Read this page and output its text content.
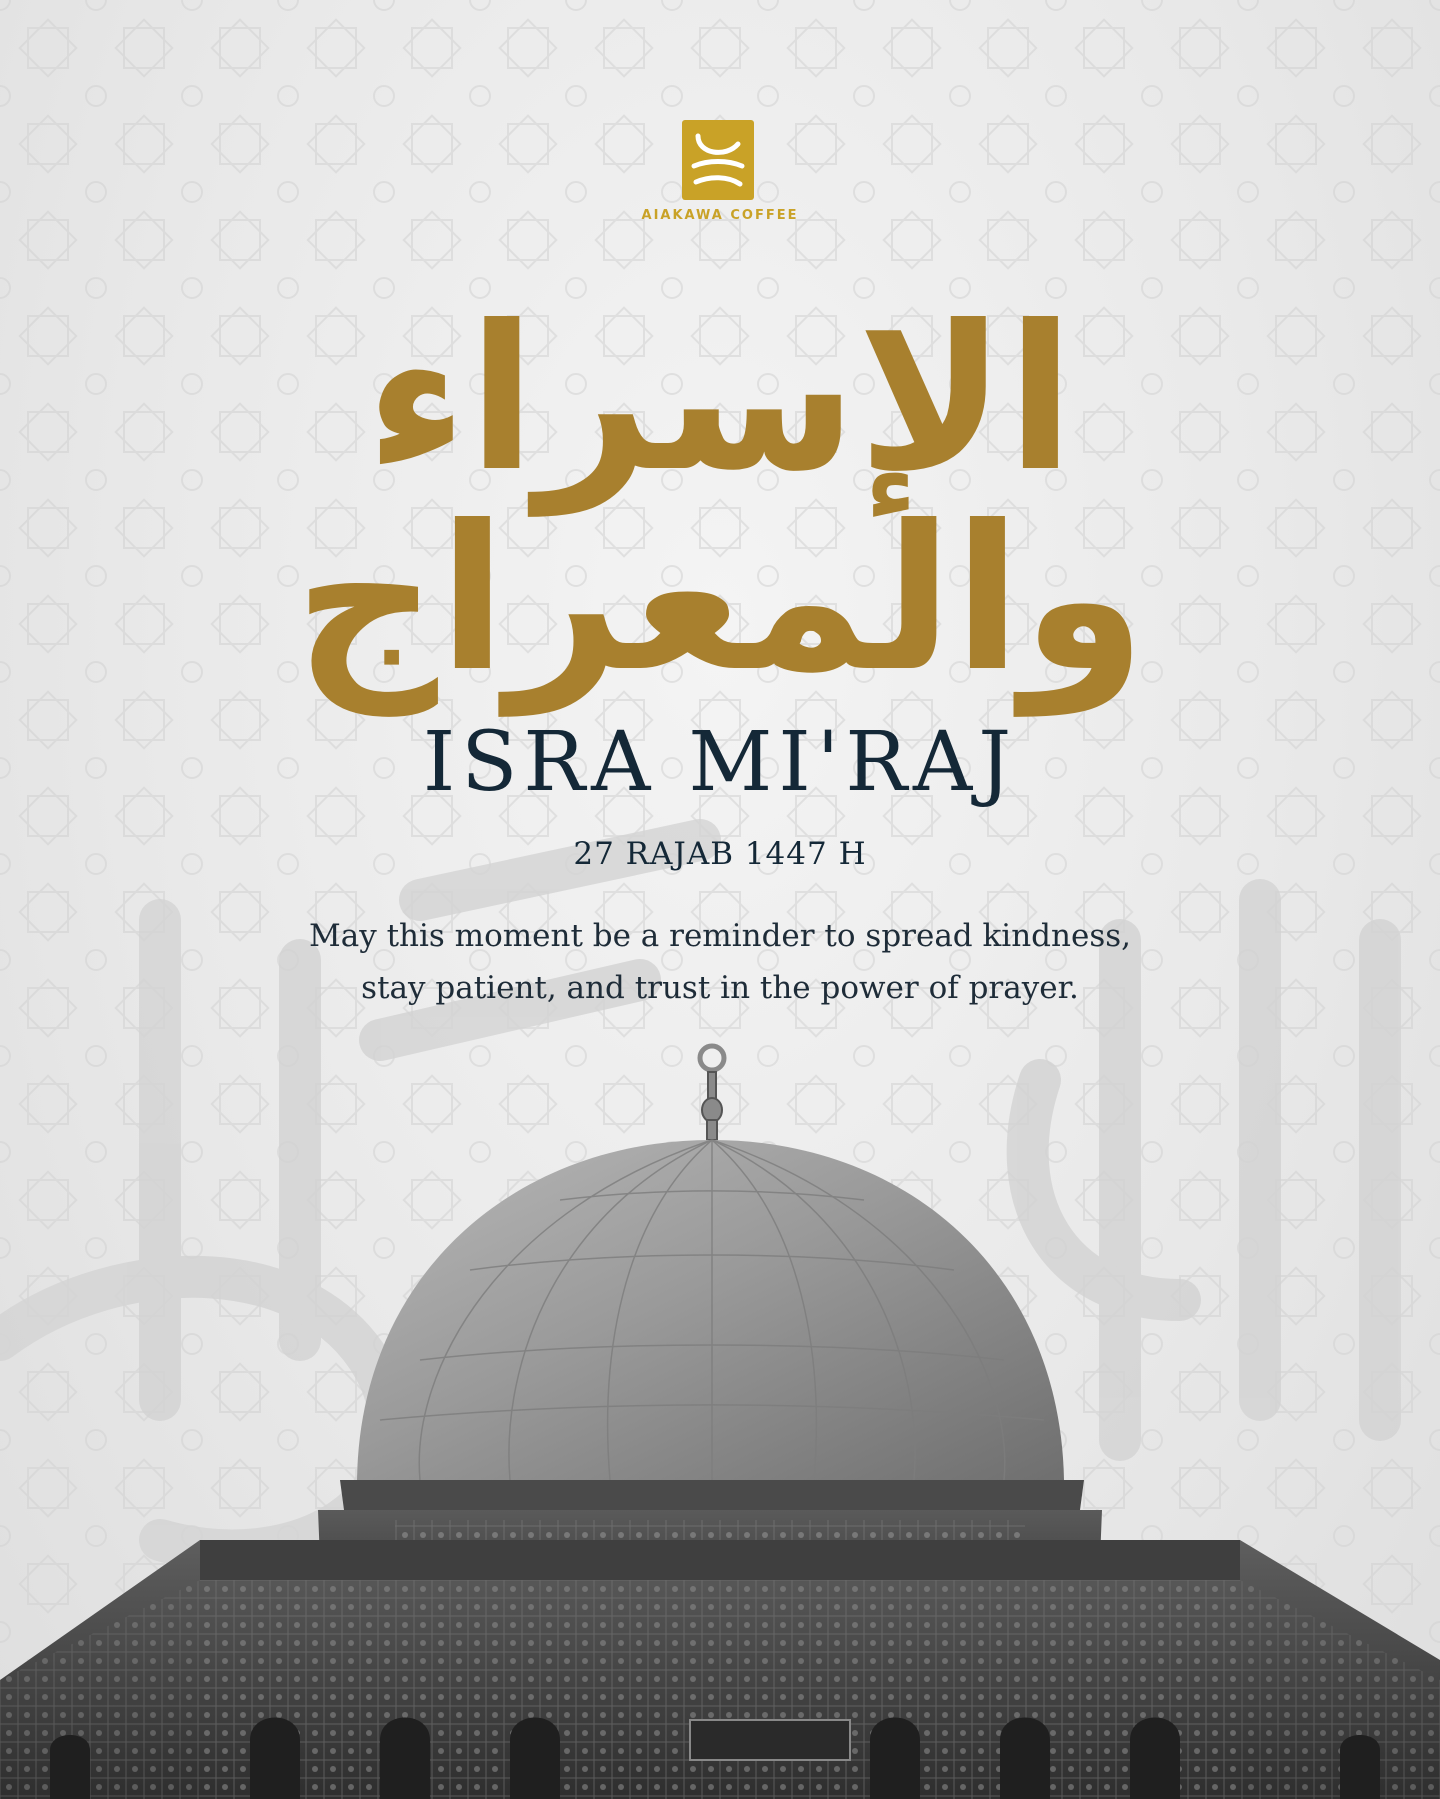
AIAKAWA COFFEE
الإسراء والمعراج
ISRA MI'RAJ
27 RAJAB 1447 H
May this moment be a reminder to spread kindness,
stay patient, and trust in the power of prayer.
